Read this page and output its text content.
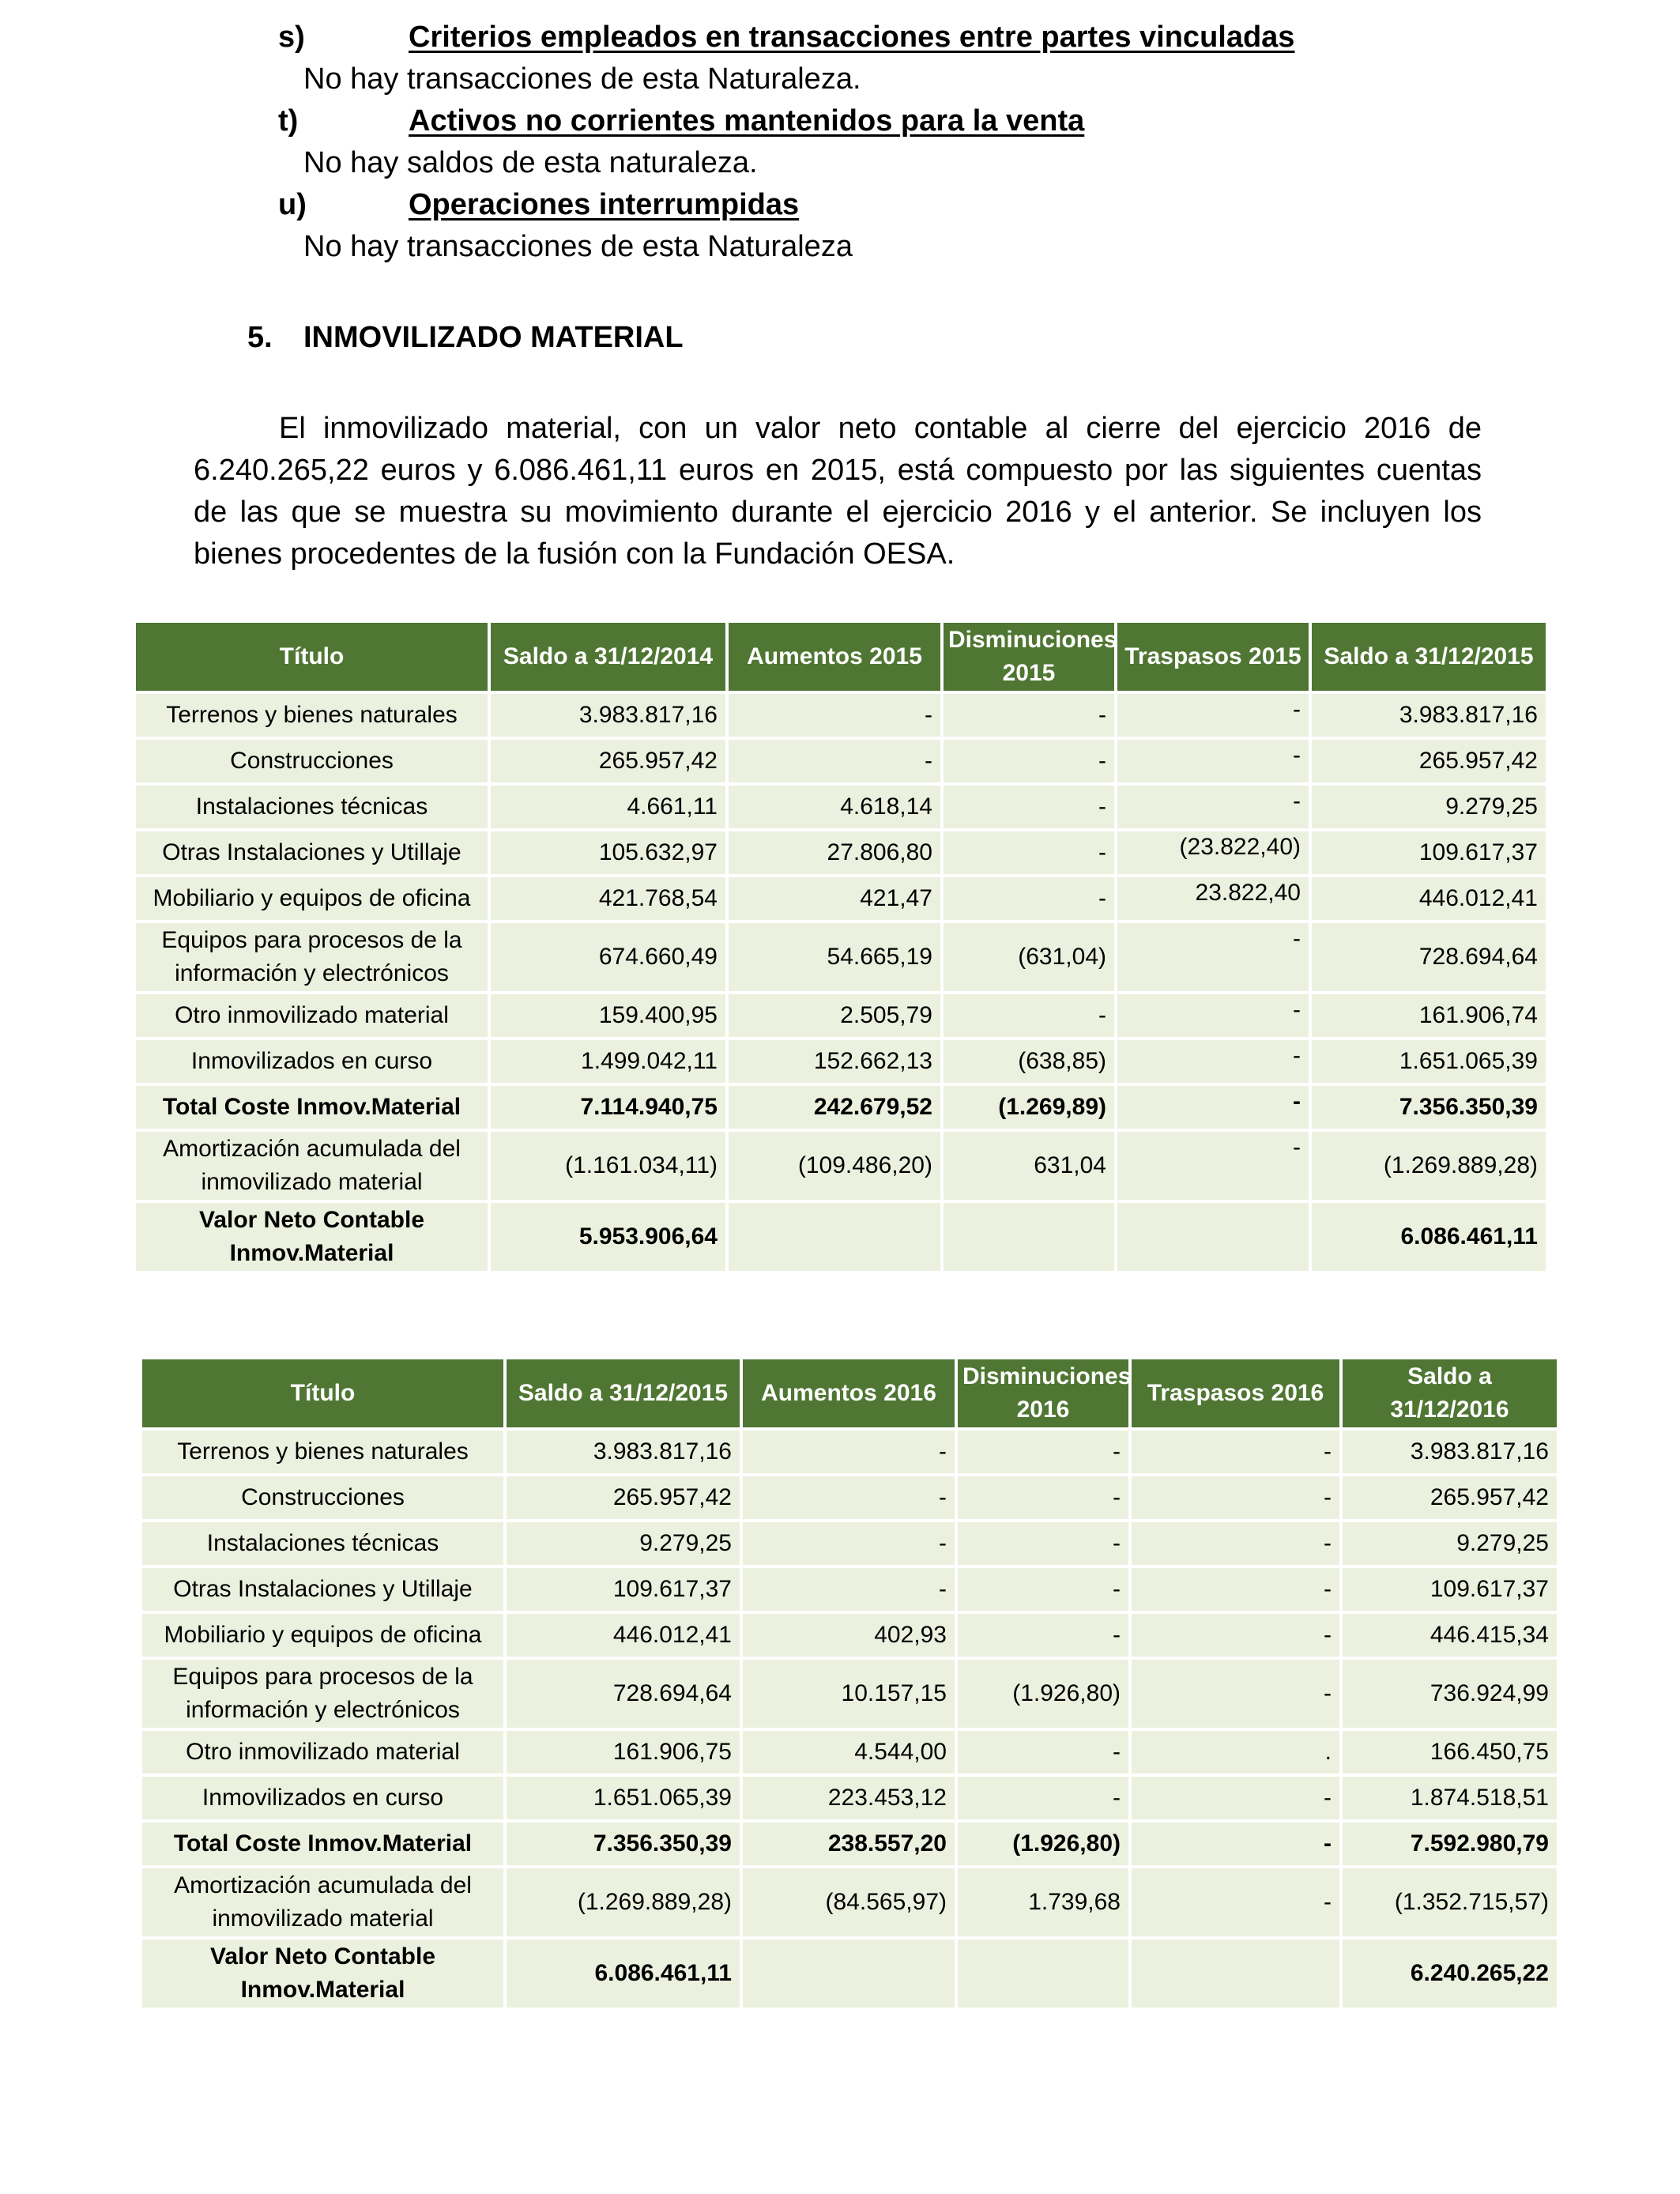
s)	Criterios empleados en transacciones entre partes vinculadas
No hay transacciones de esta Naturaleza.
t)	Activos no corrientes mantenidos para la venta
No hay saldos de esta naturaleza.
u)	Operaciones interrumpidas
No hay transacciones de esta Naturaleza
5. INMOVILIZADO MATERIAL
El inmovilizado material, con un valor neto contable al cierre del ejercicio 2016 de 6.240.265,22 euros y 6.086.461,11 euros en 2015, está compuesto por las siguientes cuentas de las que se muestra su movimiento durante el ejercicio 2016 y el anterior. Se incluyen los bienes procedentes de la fusión con la Fundación OESA.
Título	Saldo a 31/12/2014	Aumentos 2015	Disminuciones 2015	Traspasos 2015	Saldo a 31/12/2015
Terrenos y bienes naturales	3.983.817,16	-	-	-	3.983.817,16
Construcciones	265.957,42	-	-	-	265.957,42
Instalaciones técnicas	4.661,11	4.618,14	-	-	9.279,25
Otras Instalaciones y Utillaje	105.632,97	27.806,80	-	(23.822,40)	109.617,37
Mobiliario y equipos de oficina	421.768,54	421,47	-	23.822,40	446.012,41
Equipos para procesos de la información y electrónicos	674.660,49	54.665,19	(631,04)	-	728.694,64
Otro inmovilizado material	159.400,95	2.505,79	-	-	161.906,74
Inmovilizados en curso	1.499.042,11	152.662,13	(638,85)	-	1.651.065,39
Total Coste Inmov.Material	7.114.940,75	242.679,52	(1.269,89)	-	7.356.350,39
Amortización acumulada del inmovilizado material	(1.161.034,11)	(109.486,20)	631,04	-	(1.269.889,28)
Valor Neto Contable Inmov.Material	5.953.906,64				6.086.461,11
Título	Saldo a 31/12/2015	Aumentos 2016	Disminuciones 2016	Traspasos 2016	Saldo a 31/12/2016
Terrenos y bienes naturales	3.983.817,16	-	-	-	3.983.817,16
Construcciones	265.957,42	-	-	-	265.957,42
Instalaciones técnicas	9.279,25	-	-	-	9.279,25
Otras Instalaciones y Utillaje	109.617,37	-	-	-	109.617,37
Mobiliario y equipos de oficina	446.012,41	402,93	-	-	446.415,34
Equipos para procesos de la información y electrónicos	728.694,64	10.157,15	(1.926,80)	-	736.924,99
Otro inmovilizado material	161.906,75	4.544,00	-	.	166.450,75
Inmovilizados en curso	1.651.065,39	223.453,12	-	-	1.874.518,51
Total Coste Inmov.Material	7.356.350,39	238.557,20	(1.926,80)	-	7.592.980,79
Amortización acumulada del inmovilizado material	(1.269.889,28)	(84.565,97)	1.739,68	-	(1.352.715,57)
Valor Neto Contable Inmov.Material	6.086.461,11				6.240.265,22
